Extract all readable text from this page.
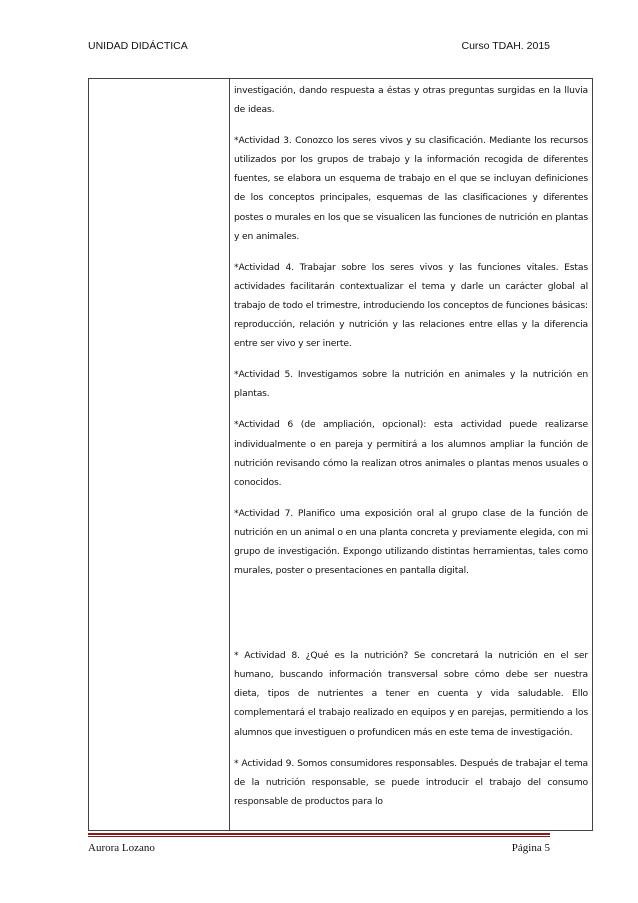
UNIDAD DIDÁCTICA	Curso TDAH. 2015

investigación, dando respuesta a éstas y otras preguntas surgidas en la lluvia de ideas.

*Actividad 3. Conozco los seres vivos y su clasificación. Mediante los recursos utilizados por los grupos de trabajo y la información recogida de diferentes fuentes, se elabora un esquema de trabajo en el que se incluyan definiciones de los conceptos principales, esquemas de las clasificaciones y diferentes postes o murales en los que se visualicen las funciones de nutrición en plantas y en animales.

*Actividad 4. Trabajar sobre los seres vivos y las funciones vitales. Estas actividades facilitarán contextualizar el tema y darle un carácter global al trabajo de todo el trimestre, introduciendo los conceptos de funciones básicas: reproducción, relación y nutrición y las relaciones entre ellas y la diferencia entre ser vivo y ser inerte.

*Actividad 5. Investigamos sobre la nutrición en animales y la nutrición en plantas.

*Actividad 6 (de ampliación, opcional): esta actividad puede realizarse individualmente o en pareja y permitirá a los alumnos ampliar la función de nutrición revisando cómo la realizan otros animales o plantas menos usuales o conocidos.

*Actividad 7. Planifico uma exposición oral al grupo clase de la función de nutrición en un animal o en una planta concreta y previamente elegida, con mi grupo de investigación. Expongo utilizando distintas herramientas, tales como murales, poster o presentaciones en pantalla digital.

* Actividad 8. ¿Qué es la nutrición? Se concretará la nutrición en el ser humano, buscando información transversal sobre cómo debe ser nuestra dieta, tipos de nutrientes a tener en cuenta y vida saludable. Ello complementará el trabajo realizado en equipos y en parejas, permitiendo a los alumnos que investiguen o profundicen más en este tema de investigación.

* Actividad 9. Somos consumidores responsables. Después de trabajar el tema de la nutrición responsable, se puede introducir el trabajo del consumo responsable de productos para lo

Aurora Lozano	Página 5
